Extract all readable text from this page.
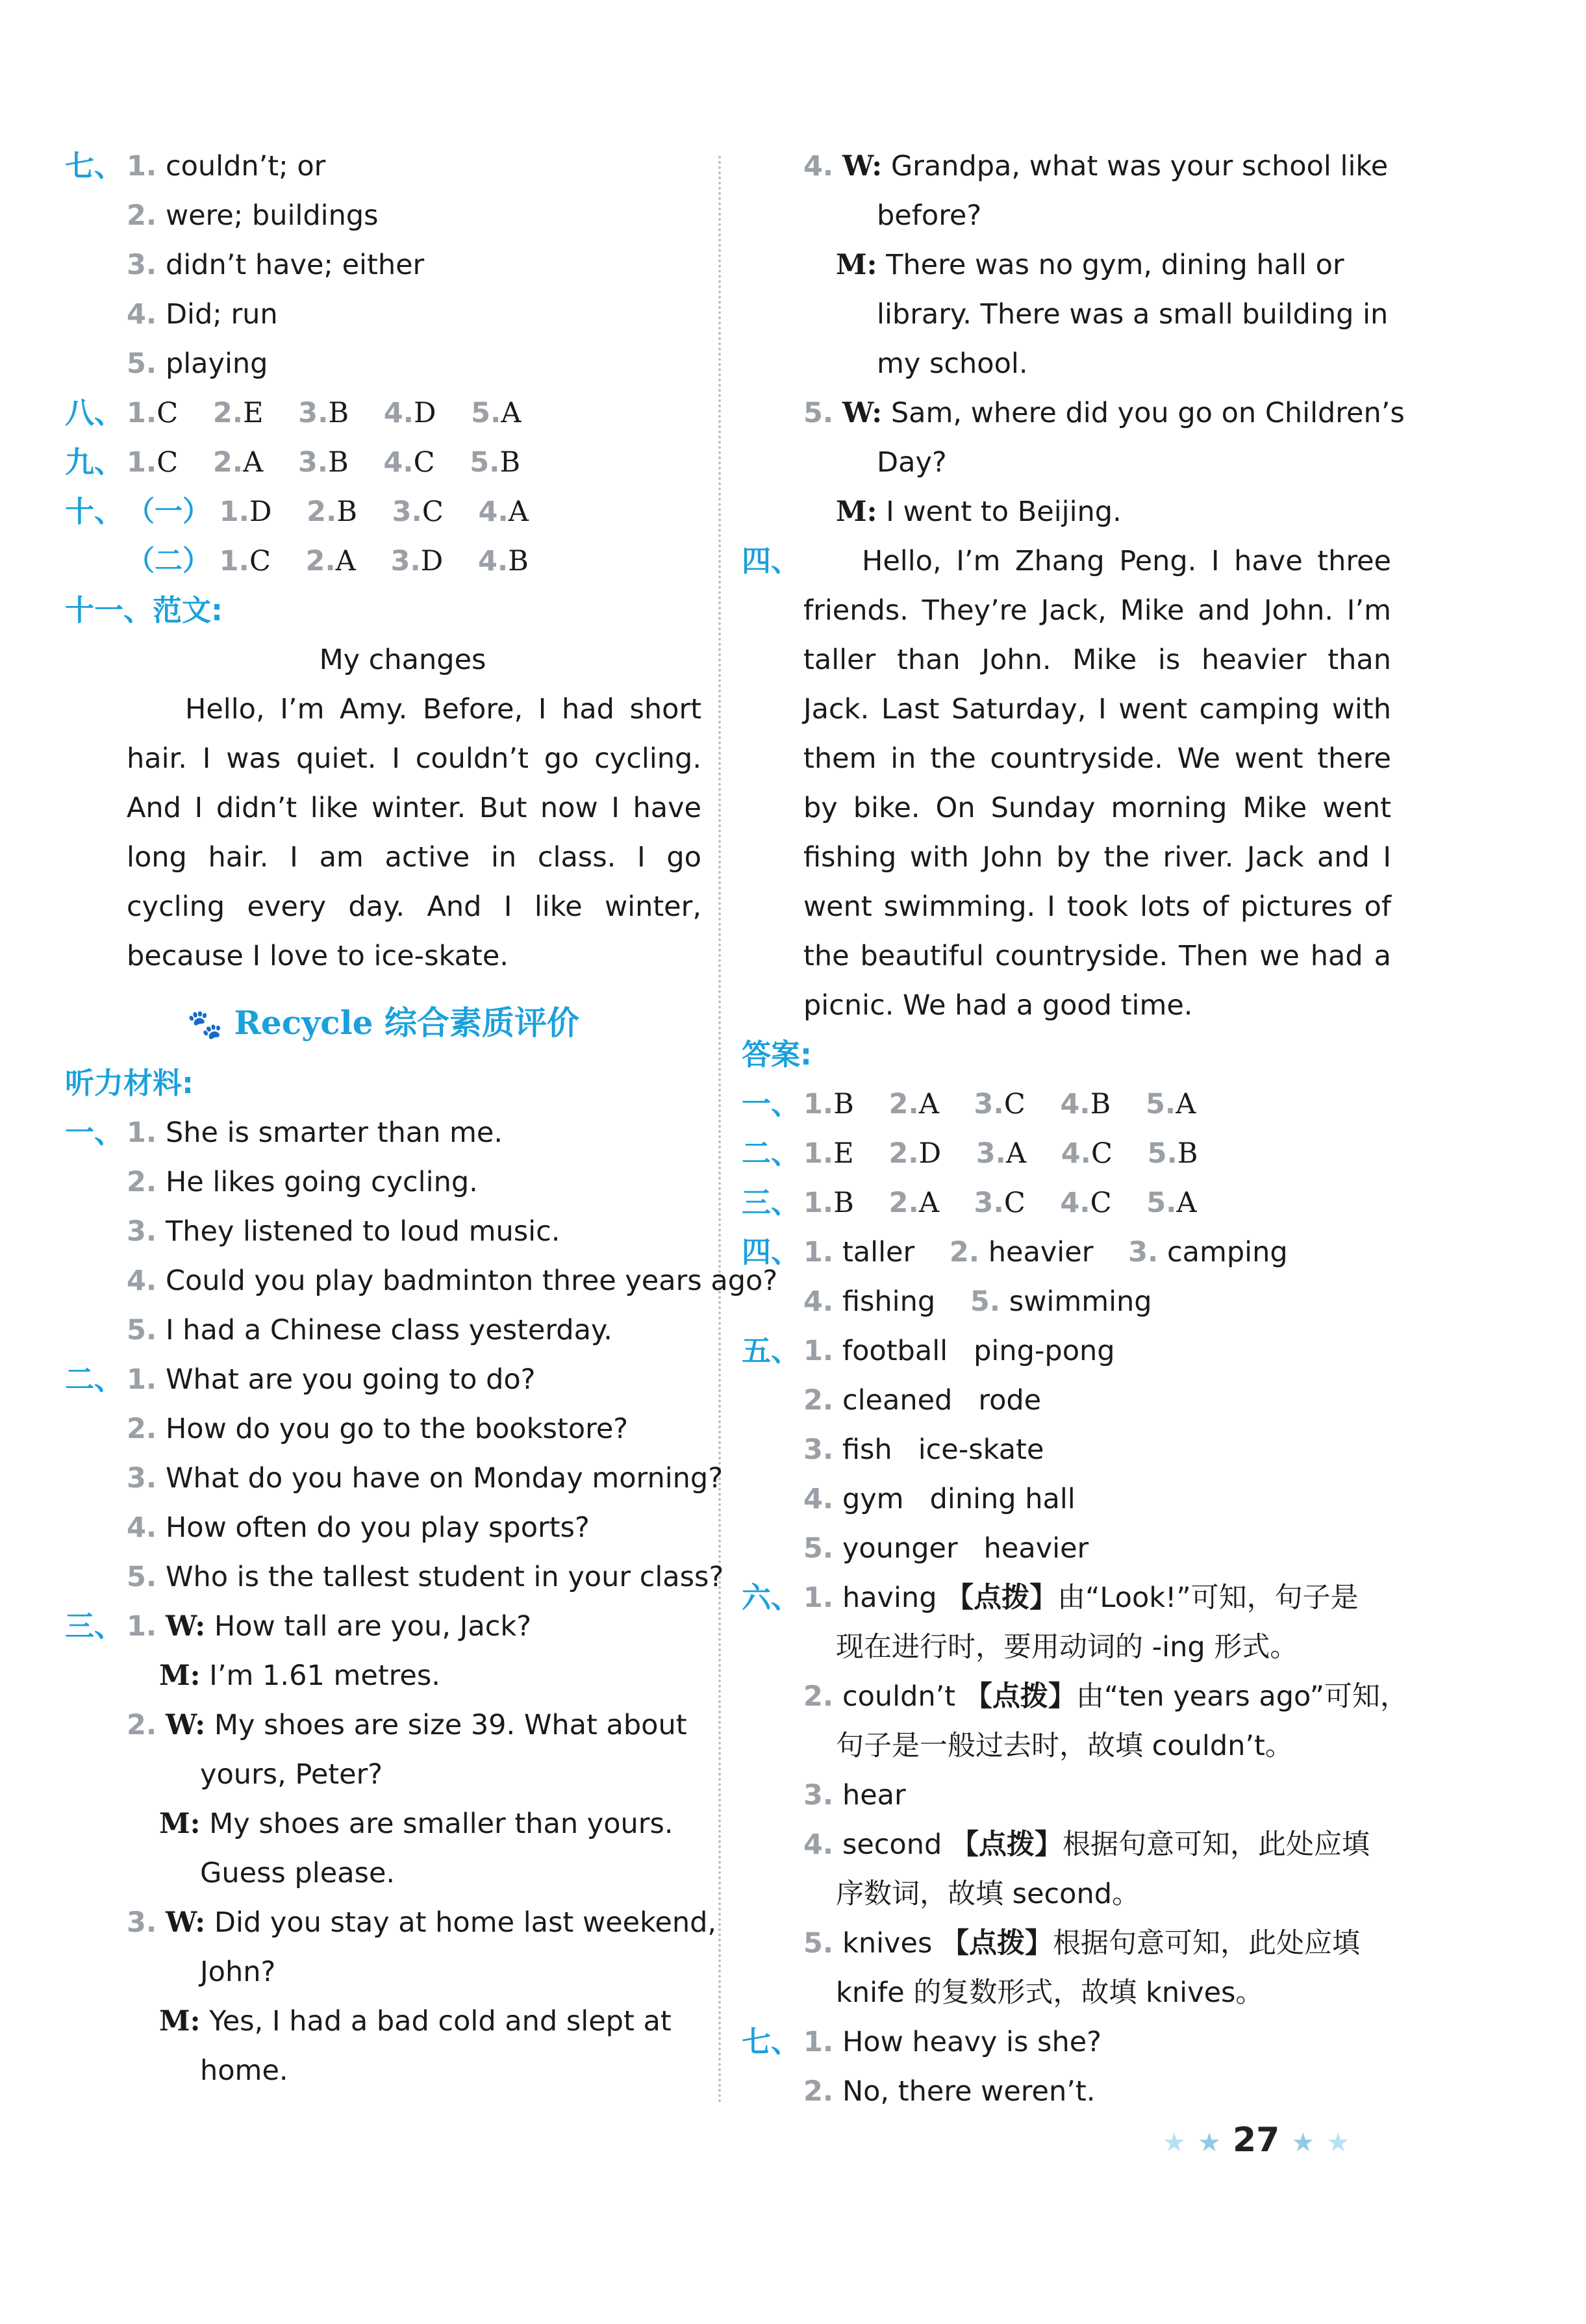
七、 1. couldn’t; or
2. were; buildings
3. didn’t have; either
4. Did; run
5. playing
八、 1.C 2.E 3.B 4.D 5.A
九、 1.C 2.A 3.B 4.C 5.B
十、 （一） 1.D 2.B 3.C 4.A
（二） 1.C 2.A 3.D 4.B
十一、范文:
My changes
Hello, I’m Amy. Before, I had short hair. I was quiet. I couldn’t go cycling. And I didn’t like winter. But now I have long hair. I am active in class. I go cycling every day. And I like winter, because I love to ice-skate.
🐾 Recycle 综合素质评价
听力材料:
一、 1. She is smarter than me.
2. He likes going cycling.
3. They listened to loud music.
4. Could you play badminton three years ago?
5. I had a Chinese class yesterday.
二、 1. What are you going to do?
2. How do you go to the bookstore?
3. What do you have on Monday morning?
4. How often do you play sports?
5. Who is the tallest student in your class?
三、 1. W: How tall are you, Jack?
M: I’m 1.61 metres.
2. W: My shoes are size 39. What about
yours, Peter?
M: My shoes are smaller than yours.
Guess please.
3. W: Did you stay at home last weekend,
John?
M: Yes, I had a bad cold and slept at
home.
4. W: Grandpa, what was your school like
before?
M: There was no gym, dining hall or
library. There was a small building in
my school.
5. W: Sam, where did you go on Children’s
Day?
M: I went to Beijing.
四、	Hello, I’m Zhang Peng. I have three friends. They’re Jack, Mike and John. I’m taller than John. Mike is heavier than Jack. Last Saturday, I went camping with them in the countryside. We went there by bike. On Sunday morning Mike went fishing with John by the river. Jack and I went swimming. I took lots of pictures of the beautiful countryside. Then we had a picnic. We had a good time.
答案:
一、 1.B 2.A 3.C 4.B 5.A
二、 1.E 2.D 3.A 4.C 5.B
三、 1.B 2.A 3.C 4.C 5.A
四、 1. taller 2. heavier 3. camping
4. fishing 5. swimming
五、 1. football ping-pong
2. cleaned rode
3. fish ice-skate
4. gym dining hall
5. younger heavier
六、 1. having 【点拨】由“Look!”可知，句子是
现在进行时，要用动词的 -ing 形式。
2. couldn’t 【点拨】由“ten years ago”可知，
句子是一般过去时，故填 couldn’t。
3. hear
4. second 【点拨】根据句意可知，此处应填
序数词，故填 second。
5. knives 【点拨】根据句意可知，此处应填
knife 的复数形式，故填 knives。
七、 1. How heavy is she?
2. No, there weren’t.
★ ★ 27 ★ ★
